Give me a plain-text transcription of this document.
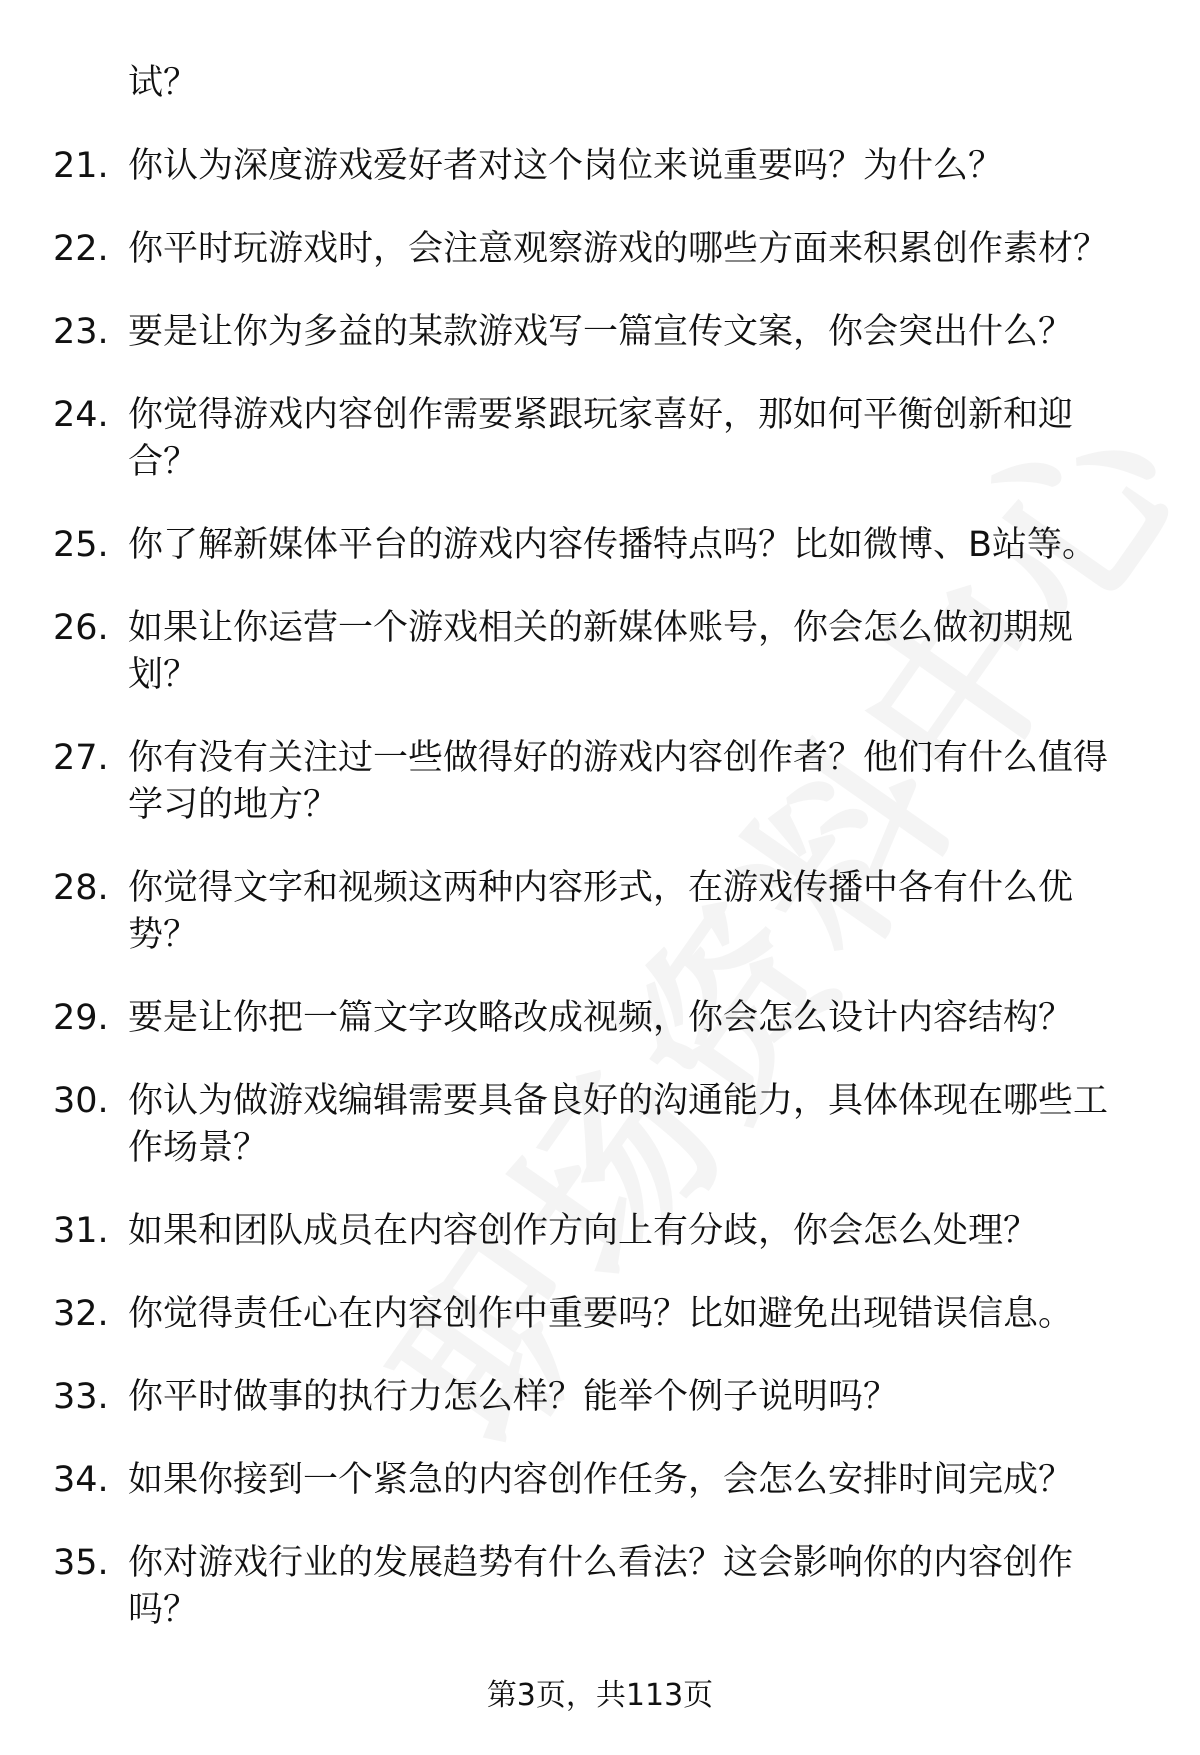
试？
21. 你认为深度游戏爱好者对这个岗位来说重要吗？为什么？
22. 你平时玩游戏时，会注意观察游戏的哪些方面来积累创作素材？
23. 要是让你为多益的某款游戏写一篇宣传文案，你会突出什么？
24. 你觉得游戏内容创作需要紧跟玩家喜好，那如何平衡创新和迎合？
25. 你了解新媒体平台的游戏内容传播特点吗？比如微博、B站等。
26. 如果让你运营一个游戏相关的新媒体账号，你会怎么做初期规划？
27. 你有没有关注过一些做得好的游戏内容创作者？他们有什么值得学习的地方？
28. 你觉得文字和视频这两种内容形式，在游戏传播中各有什么优势？
29. 要是让你把一篇文字攻略改成视频，你会怎么设计内容结构？
30. 你认为做游戏编辑需要具备良好的沟通能力，具体体现在哪些工作场景？
31. 如果和团队成员在内容创作方向上有分歧，你会怎么处理？
32. 你觉得责任心在内容创作中重要吗？比如避免出现错误信息。
33. 你平时做事的执行力怎么样？能举个例子说明吗？
34. 如果你接到一个紧急的内容创作任务，会怎么安排时间完成？
35. 你对游戏行业的发展趋势有什么看法？这会影响你的内容创作吗？
第3页，共113页
